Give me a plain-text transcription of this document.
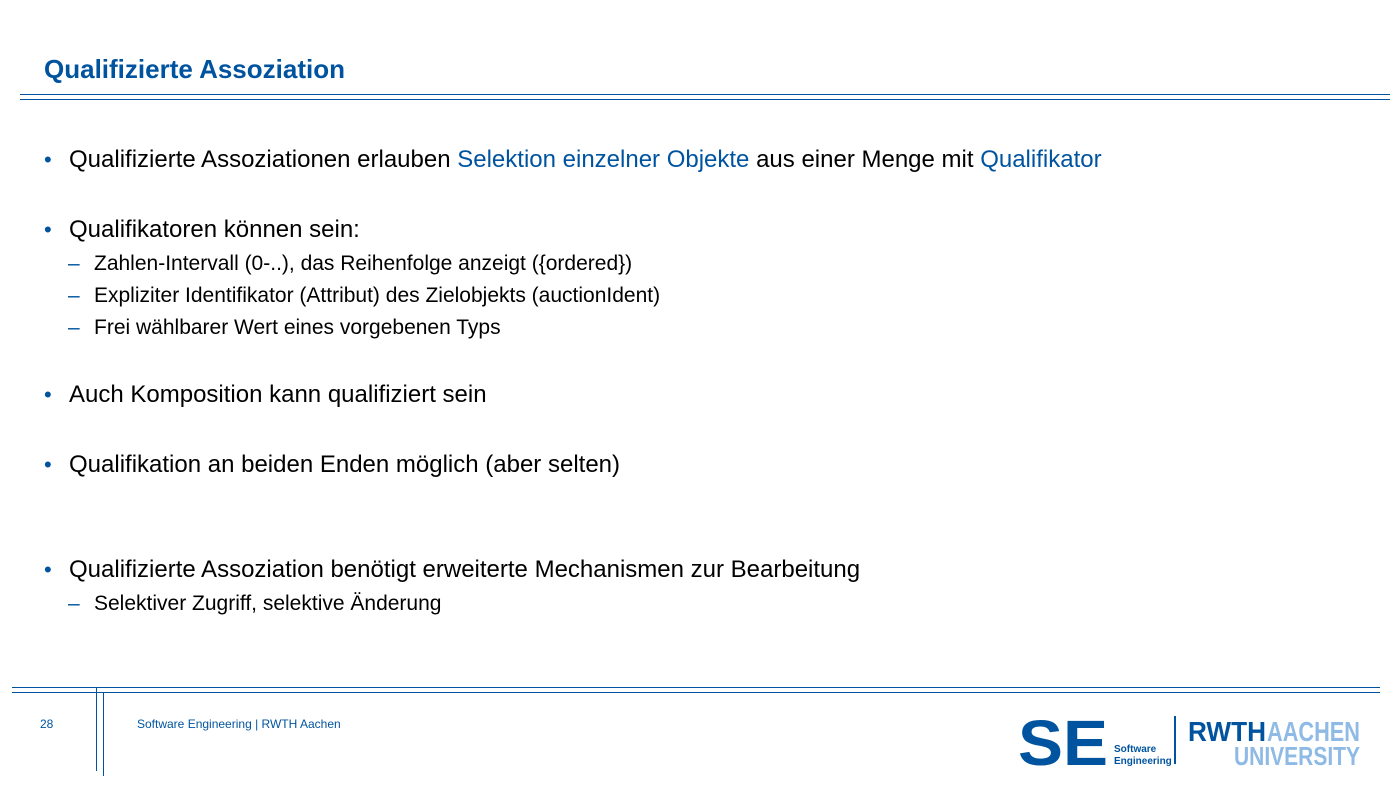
Qualifizierte Assoziation
• Qualifizierte Assoziationen erlauben Selektion einzelner Objekte aus einer Menge mit Qualifikator
• Qualifikatoren können sein:
– Zahlen-Intervall (0-..), das Reihenfolge anzeigt ({ordered})
– Expliziter Identifikator (Attribut) des Zielobjekts (auctionIdent)
– Frei wählbarer Wert eines vorgebenen Typs
• Auch Komposition kann qualifiziert sein
• Qualifikation an beiden Enden möglich (aber selten)
• Qualifizierte Assoziation benötigt erweiterte Mechanismen zur Bearbeitung
– Selektiver Zugriff, selektive Änderung
28	Software Engineering | RWTH Aachen	SE Software
Engineering
RWTH AACHEN
UNIVERSITY
